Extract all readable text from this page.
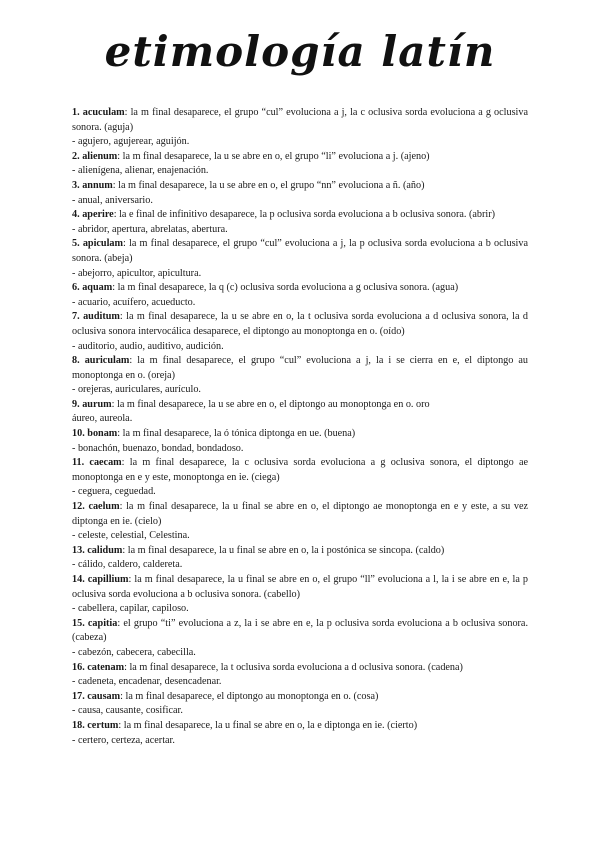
etimología latín

1. acuculam: la m final desaparece, el grupo “cul” evoluciona a j, la c oclusiva sorda evoluciona a g oclusiva sonora. (aguja)

- agujero, agujerear, aguijón.

2. alienum: la m final desaparece, la u se abre en o, el grupo “li” evoluciona a j. (ajeno)

- alienígena, alienar, enajenación.

3. annum: la m final desaparece, la u se abre en o, el grupo “nn” evoluciona a ñ. (año)

- anual, aniversario.

4. aperire: la e final de infinitivo desaparece, la p oclusiva sorda evoluciona a b oclusiva sonora. (abrir)

- abridor, apertura, abrelatas, abertura.

5. apiculam: la m final desaparece, el grupo “cul” evoluciona a j, la p oclusiva sorda evoluciona a b oclusiva sonora. (abeja)

- abejorro, apicultor, apicultura.

6. aquam: la m final desaparece, la q (c) oclusiva sorda evoluciona a g oclusiva sonora. (agua)

- acuario, acuífero, acueducto.

7. auditum: la m final desaparece, la u se abre en o, la t oclusiva sorda evoluciona a d oclusiva sonora, la d oclusiva sonora intervocálica desaparece, el diptongo au monoptonga en o. (oído)

- auditorio, audio, auditivo, audición.

8. auriculam: la m final desaparece, el grupo “cul” evoluciona a j, la i se cierra en e, el diptongo au monoptonga en o. (oreja)

- orejeras, auriculares, aurículo.

9. aurum: la m final desaparece, la u se abre en o, el diptongo au monoptonga en o. oro

áureo, aureola.

10. bonam: la m final desaparece, la ó tónica diptonga en ue. (buena)

- bonachón, buenazo, bondad, bondadoso.

11. caecam: la m final desaparece, la c oclusiva sorda evoluciona a g oclusiva sonora, el diptongo ae monoptonga en e y este, monoptonga en ie. (ciega)

- ceguera, ceguedad.

12. caelum: la m final desaparece, la u final se abre en o, el diptongo ae monoptonga en e y este, a su vez diptonga en ie. (cielo)

- celeste, celestial, Celestina.

13. calidum: la m final desaparece, la u final se abre en o, la i postónica se sincopa. (caldo)

- cálido, caldero, caldereta.

14. capillium: la m final desaparece, la u final se abre en o, el grupo “ll” evoluciona a l, la i se abre en e, la p oclusiva sorda evoluciona a b oclusiva sonora. (cabello)

- cabellera, capilar, capiloso.

15. capitia: el grupo “ti” evoluciona a z, la i se abre en e, la p oclusiva sorda evoluciona a b oclusiva sonora. (cabeza)

- cabezón, cabecera, cabecilla.

16. catenam: la m final desaparece, la t oclusiva sorda evoluciona a d oclusiva sonora. (cadena)

- cadeneta, encadenar, desencadenar.

17. causam: la m final desaparece, el diptongo au monoptonga en o. (cosa)

- causa, causante, cosificar.

18. certum: la m final desaparece, la u final se abre en o, la e diptonga en ie. (cierto)

- certero, certeza, acertar.
